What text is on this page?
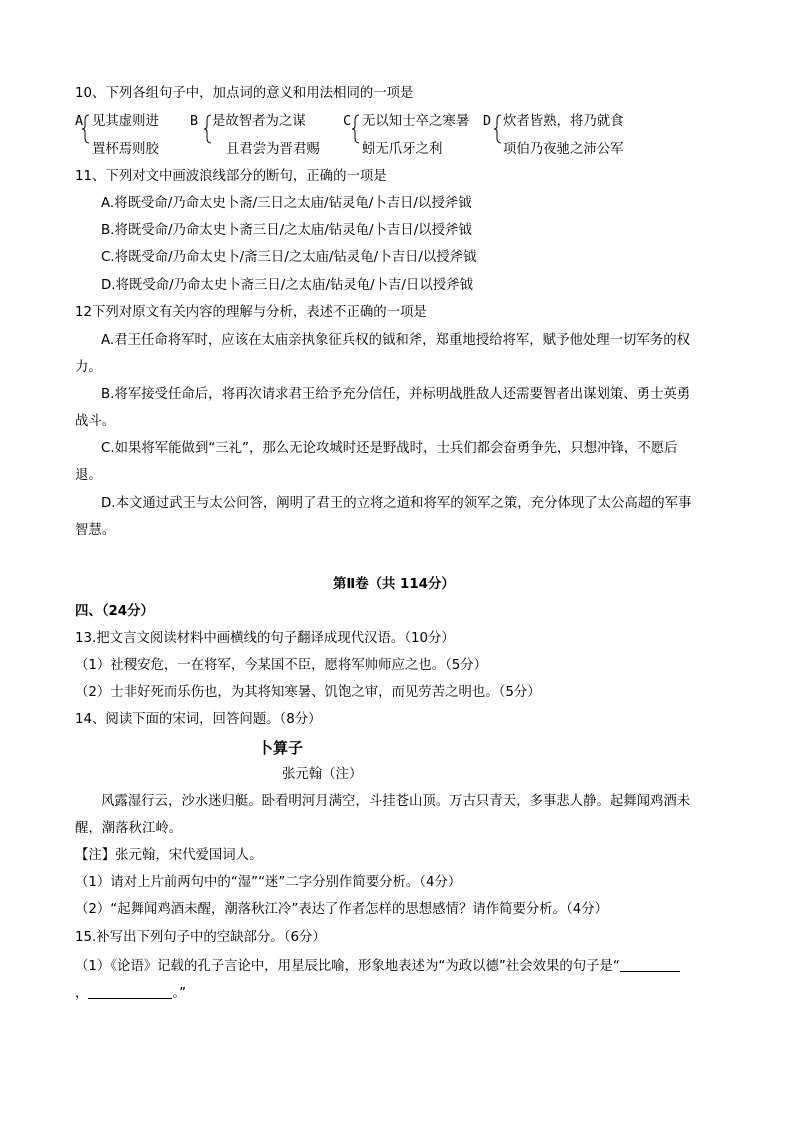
10、下列各组句子中，加点词的意义和用法相同的一项是
A 见其虚则进
置杯焉则胶
B 是故智者为之谋
且君尝为晋君赐
C 无以知士卒之寒暑
蚓无爪牙之利
D 炊者皆熟，将乃就食
项伯乃夜驰之沛公军
11、下列对文中画波浪线部分的断句，正确的一项是
A.将既受命/乃命太史卜斋/三日之太庙/钻灵龟/卜吉日/以授斧钺
B.将既受命/乃命太史卜斋三日/之太庙/钻灵龟/卜吉日/以授斧钺
C.将既受命/乃命太史卜/斋三日/之太庙/钻灵龟/卜吉日/以授斧钺
D.将既受命/乃命太史卜斋三日/之太庙/钻灵龟/卜吉/日以授斧钺
12下列对原文有关内容的理解与分析，表述不正确的一项是
A.君王任命将军时，应该在太庙亲执象征兵权的钺和斧，郑重地授给将军，赋予他处理一切军务的权
力。
B.将军接受任命后，将再次请求君王给予充分信任，并标明战胜敌人还需要智者出谋划策、勇士英勇
战斗。
C.如果将军能做到“三礼”，那么无论攻城时还是野战时，士兵们都会奋勇争先，只想冲锋，不愿后
退。
D.本文通过武王与太公问答，阐明了君王的立将之道和将军的领军之策，充分体现了太公高超的军事
智慧。
第Ⅱ卷（共 114分）
四、（24分）
13.把文言文阅读材料中画横线的句子翻译成现代汉语。（10分）
（1）社稷安危，一在将军，今某国不臣，愿将军帅师应之也。（5分）
（2）士非好死而乐伤也，为其将知寒暑、饥饱之审，而见劳苦之明也。（5分）
14、阅读下面的宋词，回答问题。（8分）
卜算子
张元翰（注）
风露湿行云，沙水迷归艇。卧看明河月满空，斗挂苍山顶。万古只青天，多事悲人静。起舞闻鸡酒未
醒，潮落秋江岭。
【注】张元翰，宋代爱国词人。
（1）请对上片前两句中的“湿”“迷”二字分别作简要分析。（4分）
（2）“起舞闻鸡酒未醒，潮落秋江冷”表达了作者怎样的思想感情？请作简要分析。（4分）
15.补写出下列句子中的空缺部分。（6分）
（1）《论语》记载的孔子言论中，用星辰比喻，形象地表述为“为政以德”社会效果的句子是“
，	。”
